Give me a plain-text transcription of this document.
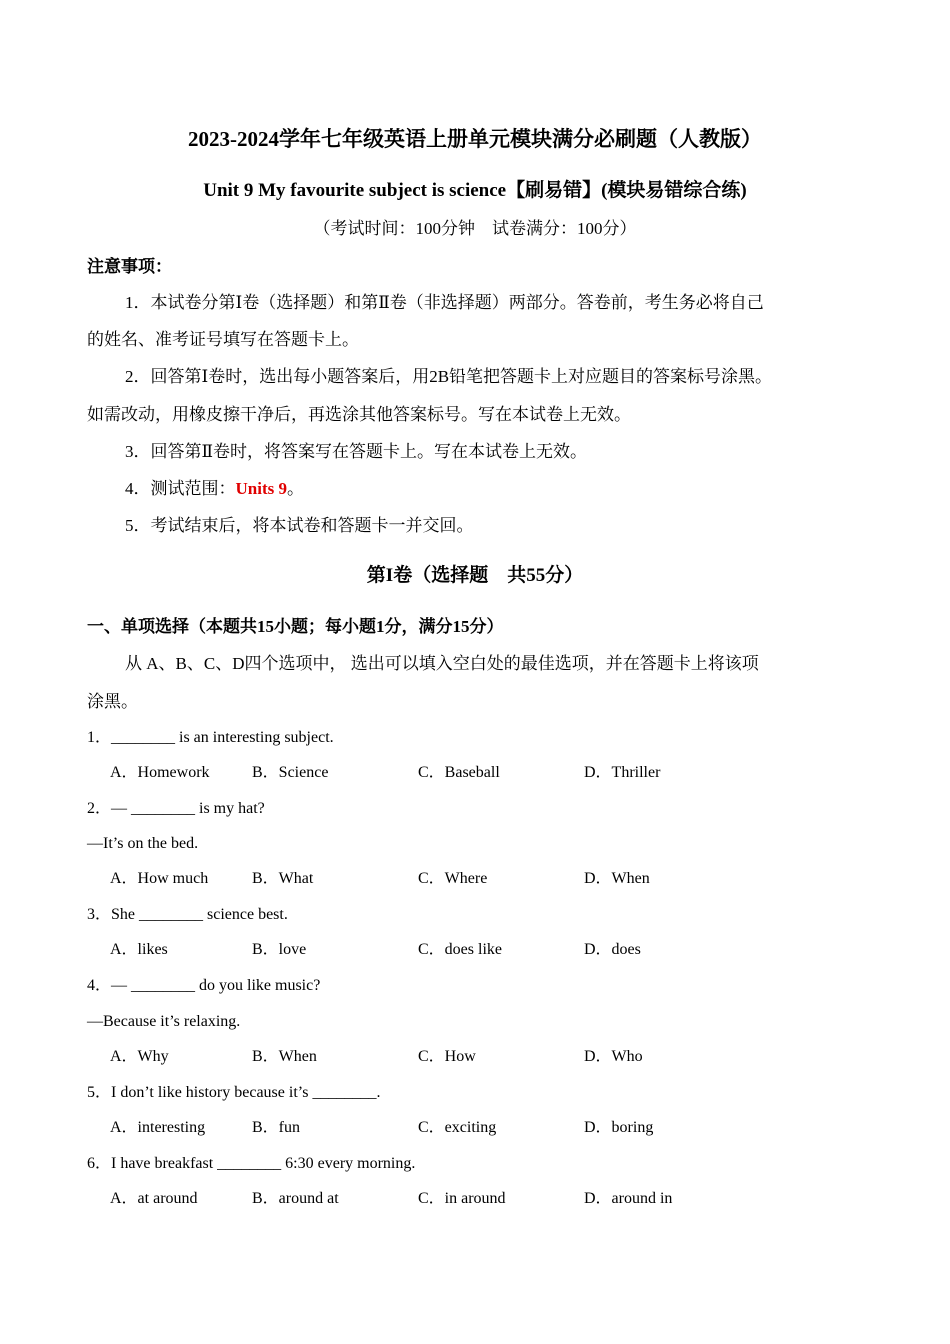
2023-2024学年七年级英语上册单元模块满分必刷题（人教版）
Unit 9 My favourite subject is science【刷易错】(模块易错综合练)
（考试时间：100分钟　试卷满分：100分）
注意事项：
1．本试卷分第Ⅰ卷（选择题）和第Ⅱ卷（非选择题）两部分。答卷前，考生务必将自己
的姓名、准考证号填写在答题卡上。
2．回答第Ⅰ卷时，选出每小题答案后，用2B铅笔把答题卡上对应题目的答案标号涂黑。
如需改动，用橡皮擦干净后，再选涂其他答案标号。写在本试卷上无效。
3．回答第Ⅱ卷时，将答案写在答题卡上。写在本试卷上无效。
4．测试范围：Units 9。
5．考试结束后，将本试卷和答题卡一并交回。
第I卷（选择题　共55分）
一、单项选择（本题共15小题；每小题1分，满分15分）
从 A、B、C、D四个选项中， 选出可以填入空白处的最佳选项，并在答题卡上将该项
涂黑。
1．________ is an interesting subject.
A．Homework	B．Science	C．Baseball	D．Thriller
2．— ________ is my hat?
—It’s on the bed.
A．How much	B．What	C．Where	D．When
3．She ________ science best.
A．likes	B．love	C．does like	D．does
4．— ________ do you like music?
—Because it’s relaxing.
A．Why	B．When	C．How	D．Who
5．I don’t like history because it’s ________.
A．interesting	B．fun	C．exciting	D．boring
6．I have breakfast ________ 6:30 every morning.
A．at around	B．around at	C．in around	D．around in
